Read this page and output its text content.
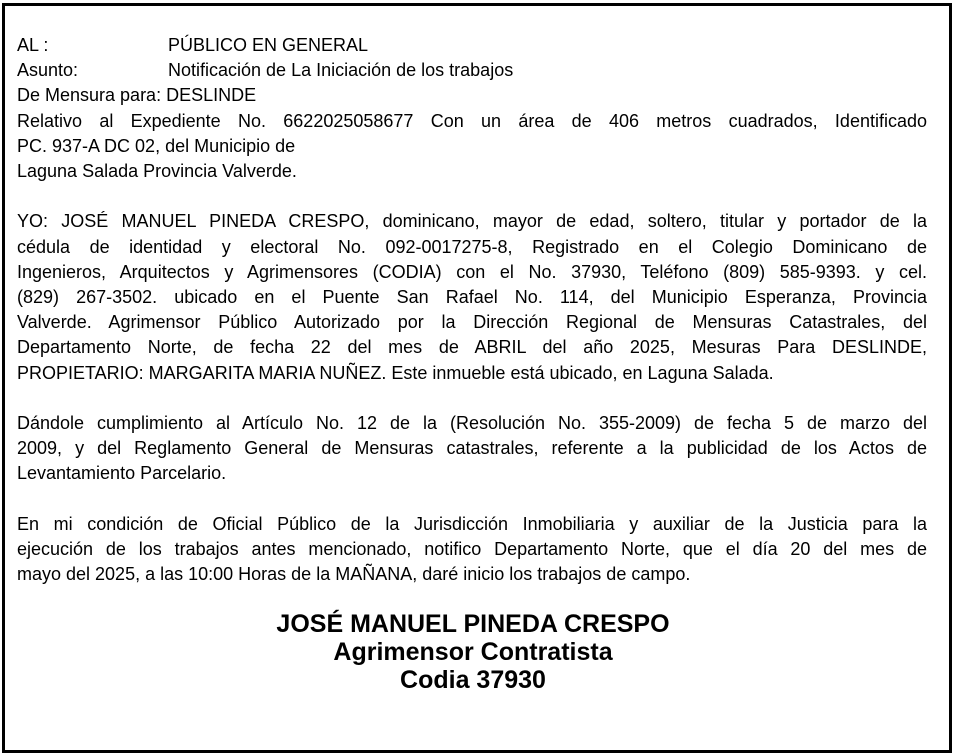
AL :	PÚBLICO EN GENERAL
Asunto:	Notificación de La Iniciación de los trabajos
De Mensura para: DESLINDE
Relativo al Expediente No. 6622025058677 Con un área de 406 metros cuadrados, Identificado
PC. 937-A DC 02, del Municipio de
Laguna Salada Provincia Valverde.
YO: JOSÉ MANUEL PINEDA CRESPO, dominicano, mayor de edad, soltero, titular y portador de la
cédula de identidad y electoral No. 092-0017275-8, Registrado en el Colegio Dominicano de
Ingenieros, Arquitectos y Agrimensores (CODIA) con el No. 37930, Teléfono (809) 585-9393. y cel.
(829) 267-3502. ubicado en el Puente San Rafael No. 114, del Municipio Esperanza, Provincia
Valverde. Agrimensor Público Autorizado por la Dirección Regional de Mensuras Catastrales, del
Departamento Norte, de fecha 22 del mes de ABRIL del año 2025, Mesuras Para DESLINDE,
PROPIETARIO: MARGARITA MARIA NUÑEZ. Este inmueble está ubicado, en Laguna Salada.
Dándole cumplimiento al Artículo No. 12 de la (Resolución No. 355-2009) de fecha 5 de marzo del
2009, y del Reglamento General de Mensuras catastrales, referente a la publicidad de los Actos de
Levantamiento Parcelario.
En mi condición de Oficial Público de la Jurisdicción Inmobiliaria y auxiliar de la Justicia para la
ejecución de los trabajos antes mencionado, notifico Departamento Norte, que el día 20 del mes de
mayo del 2025, a las 10:00 Horas de la MAÑANA, daré inicio los trabajos de campo.
JOSÉ MANUEL PINEDA CRESPO
Agrimensor Contratista
Codia 37930
